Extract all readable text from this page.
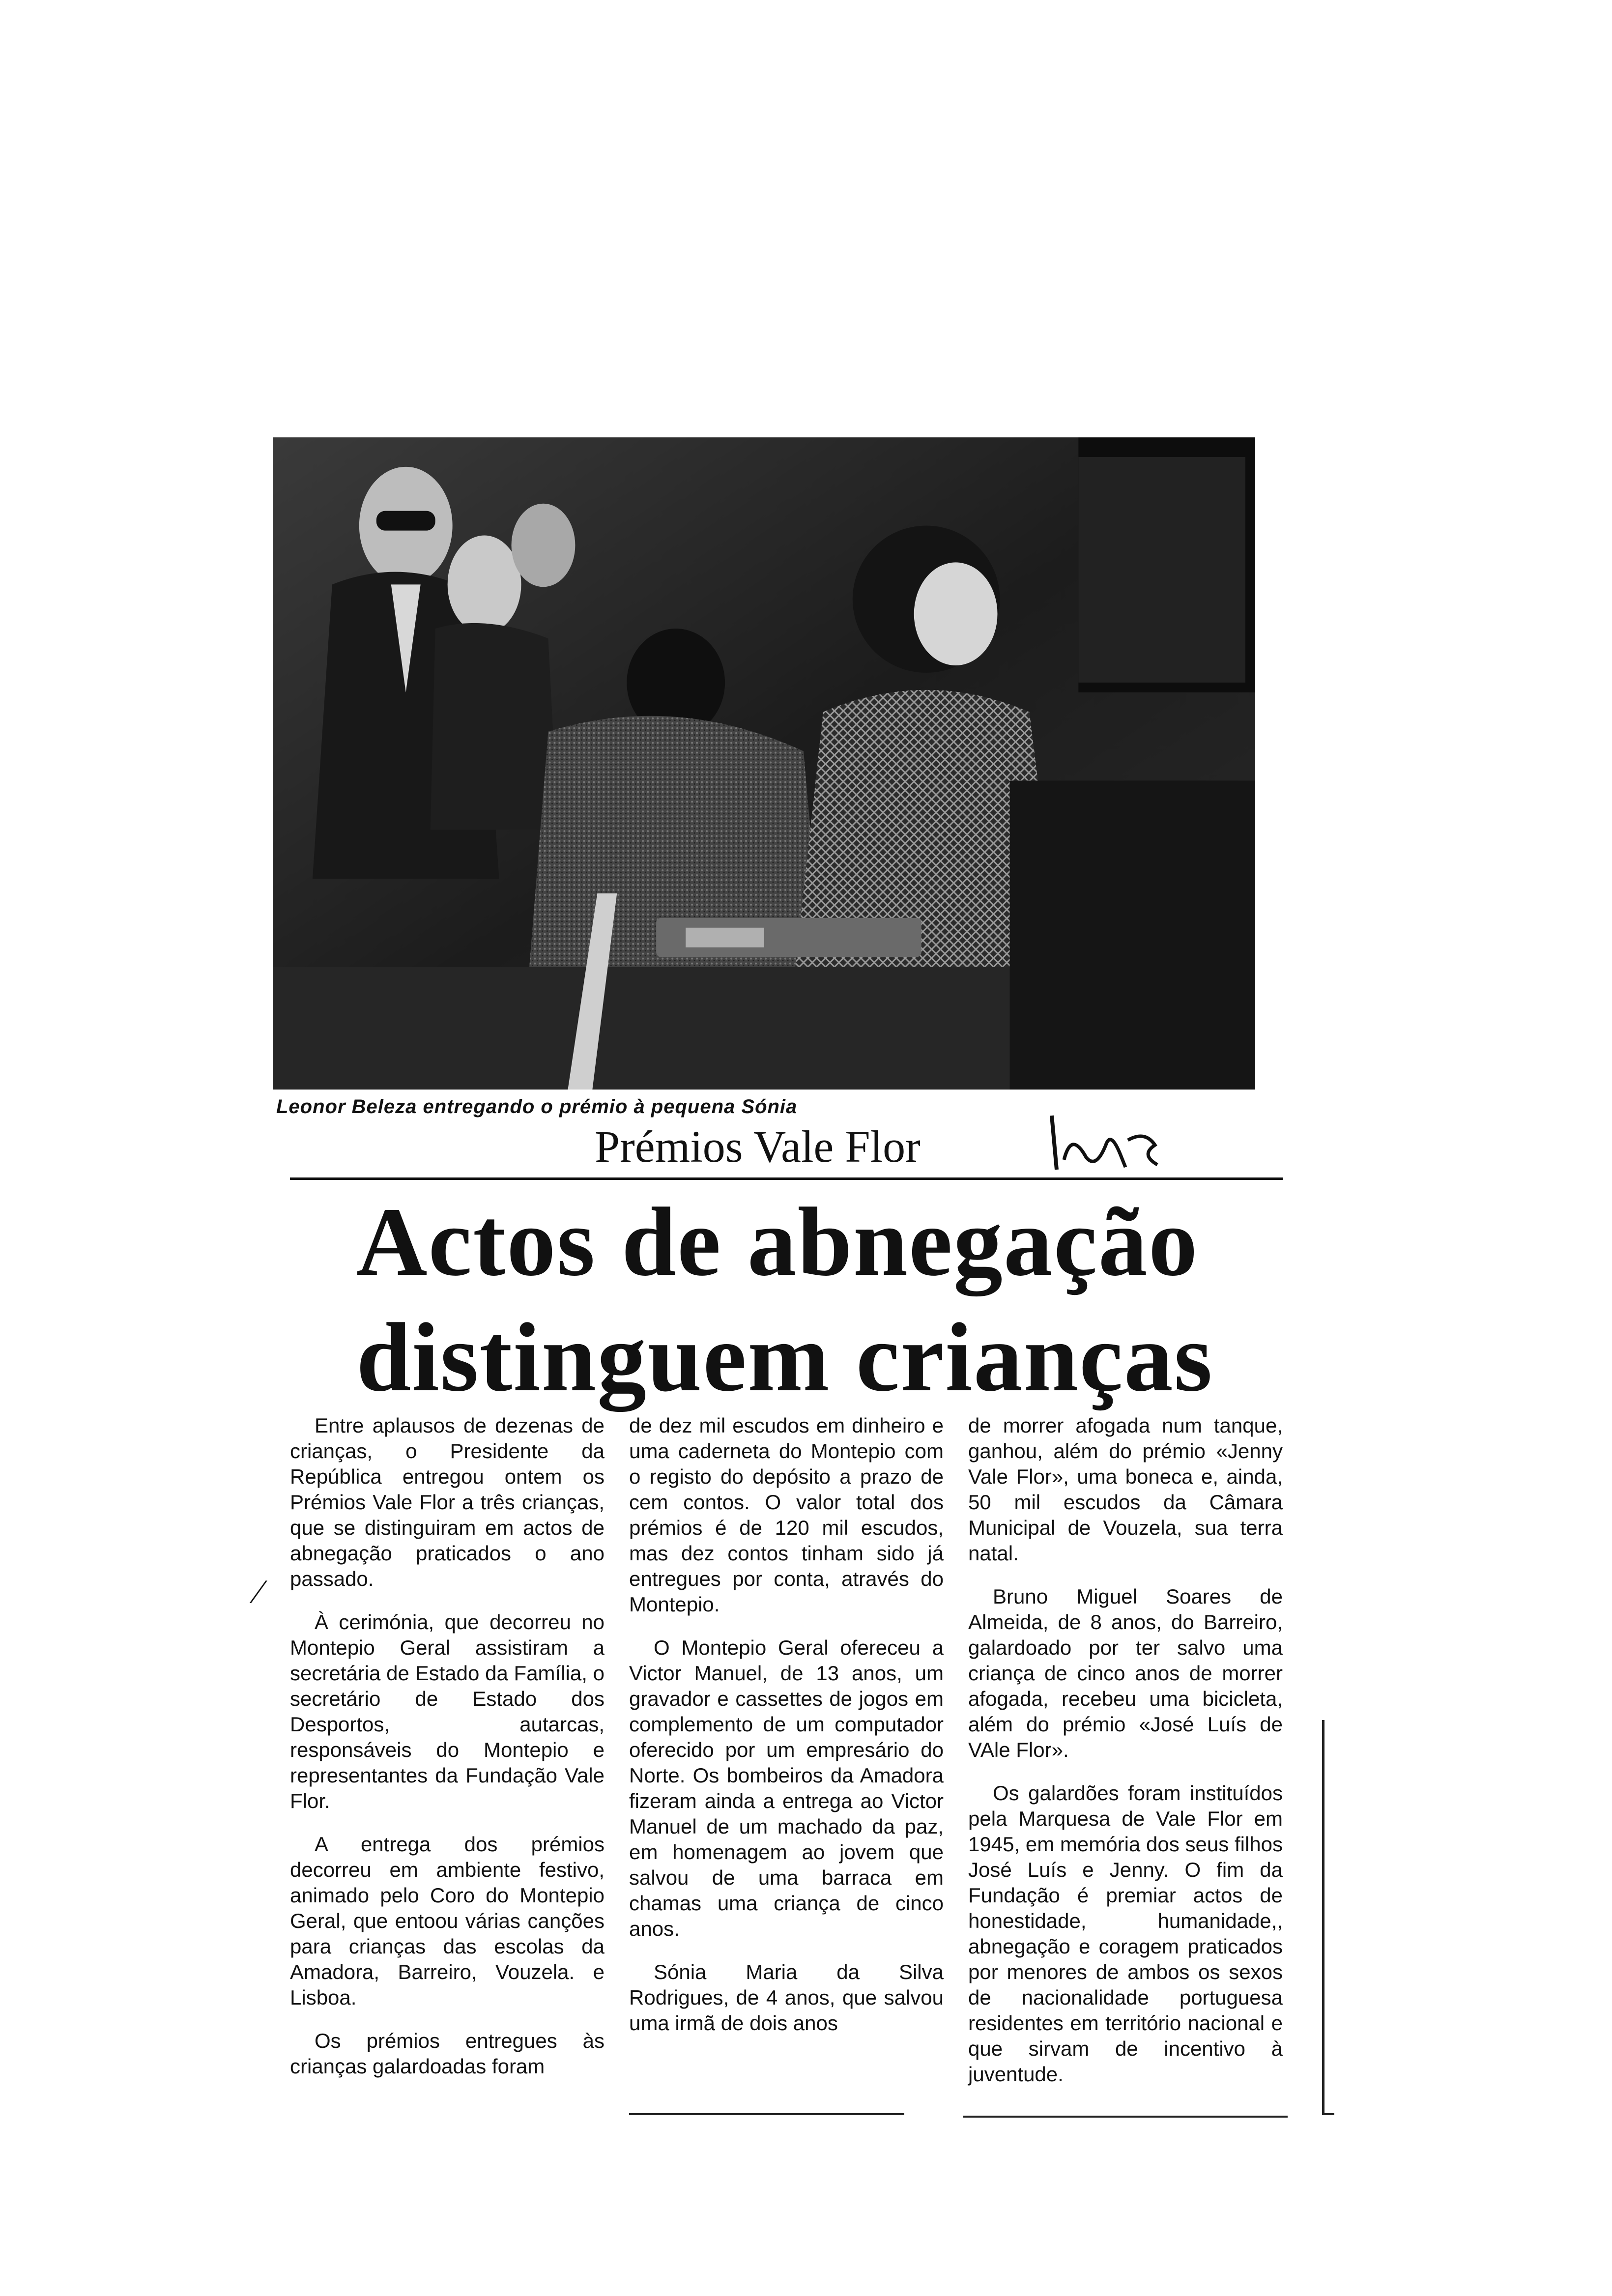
Leonor Beleza entregando o prémio à pequena Sónia
Prémios Vale Flor
Actos de abnegação
distinguem crianças

Entre aplausos de dezenas de crianças, o Presidente da República entregou ontem os Prémios Vale Flor a três crianças, que se distinguiram em actos de abnegação praticados o ano passado.

À cerimónia, que decorreu no Montepio Geral assistiram a secretária de Estado da Família, o secretário de Estado dos Desportos, autarcas, responsáveis do Montepio e representantes da Fundação Vale Flor.

A entrega dos prémios decorreu em ambiente festivo, animado pelo Coro do Montepio Geral, que entoou várias canções para crianças das escolas da Amadora, Barreiro, Vouzela. e Lisboa.

Os prémios entregues às crianças galardoadas foram

de dez mil escudos em dinheiro e uma caderneta do Montepio com o registo do depósito a prazo de cem contos. O valor total dos prémios é de 120 mil escudos, mas dez contos tinham sido já entregues por conta, através do Montepio.

O Montepio Geral ofereceu a Victor Manuel, de 13 anos, um gravador e cassettes de jogos em complemento de um computador oferecido por um empresário do Norte. Os bombeiros da Amadora fizeram ainda a entrega ao Victor Manuel de um machado da paz, em homenagem ao jovem que salvou de uma barraca em chamas uma criança de cinco anos.

Sónia Maria da Silva Rodrigues, de 4 anos, que salvou uma irmã de dois anos

de morrer afogada num tanque, ganhou, além do prémio «Jenny Vale Flor», uma boneca e, ainda, 50 mil escudos da Câmara Municipal de Vouzela, sua terra natal.

Bruno Miguel Soares de Almeida, de 8 anos, do Barreiro, galardoado por ter salvo uma criança de cinco anos de morrer afogada, recebeu uma bicicleta, além do prémio «José Luís de VAle Flor».

Os galardões foram instituídos pela Marquesa de Vale Flor em 1945, em memória dos seus filhos José Luís e Jenny. O fim da Fundação é premiar actos de honestidade, humanidade,, abnegação e coragem praticados por menores de ambos os sexos de nacionalidade portuguesa residentes em território nacional e que sirvam de incentivo à juventude.

⁄
